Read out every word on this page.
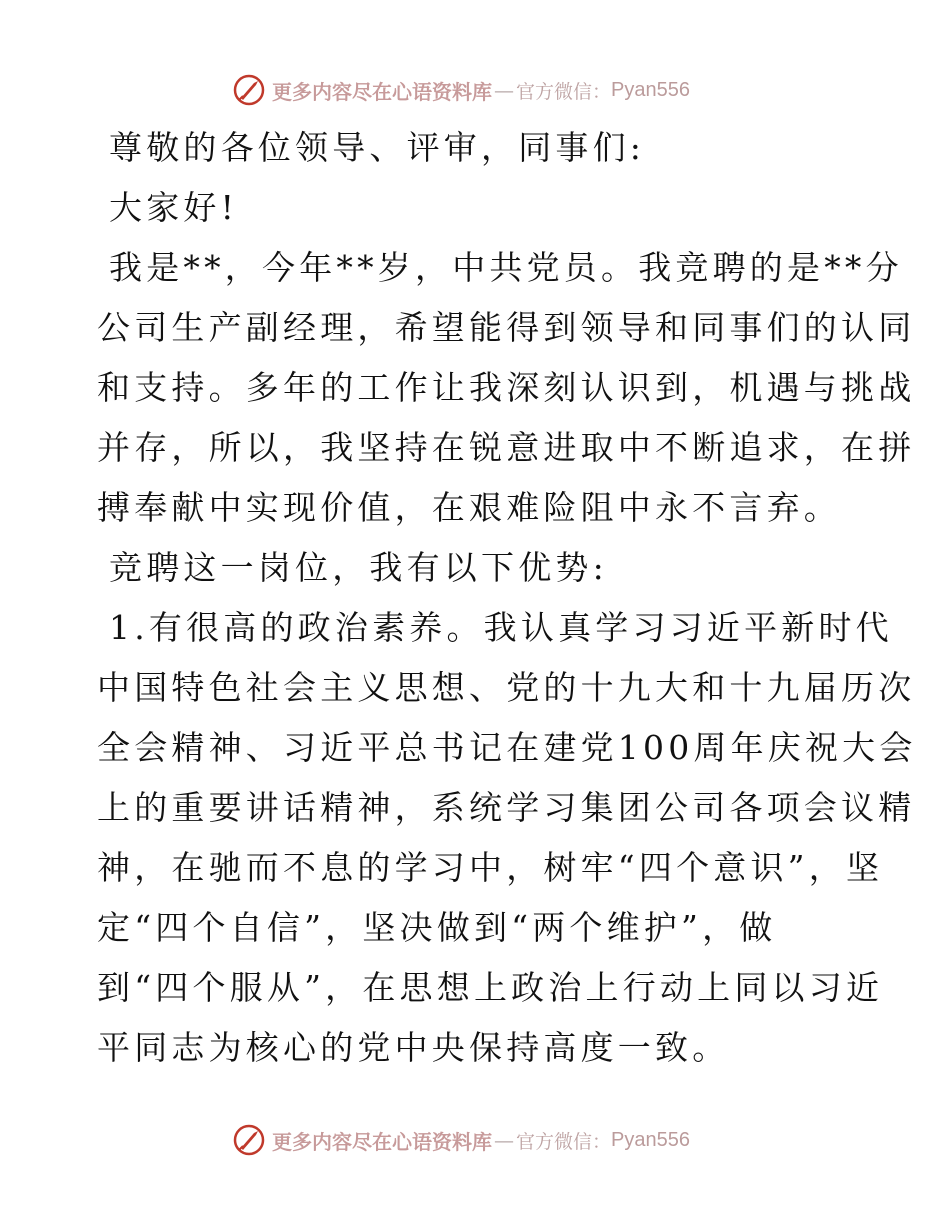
更多内容尽在心语资料库 — 官方微信： Pyan556
尊敬的各位领导、评审，同事们:
大家好!
我是**，今年**岁，中共党员。我竞聘的是**分
公司生产副经理，希望能得到领导和同事们的认同
和支持。多年的工作让我深刻认识到，机遇与挑战
并存，所以，我坚持在锐意进取中不断追求，在拼
搏奉献中实现价值，在艰难险阻中永不言弃。
竞聘这一岗位，我有以下优势:
1.有很高的政治素养。我认真学习习近平新时代
中国特色社会主义思想、党的十九大和十九届历次
全会精神、习近平总书记在建党100周年庆祝大会
上的重要讲话精神，系统学习集团公司各项会议精
神，在驰而不息的学习中，树牢“四个意识”，坚
定“四个自信”，坚决做到“两个维护”，做
到“四个服从”，在思想上政治上行动上同以习近
平同志为核心的党中央保持高度一致。
更多内容尽在心语资料库 — 官方微信： Pyan556
